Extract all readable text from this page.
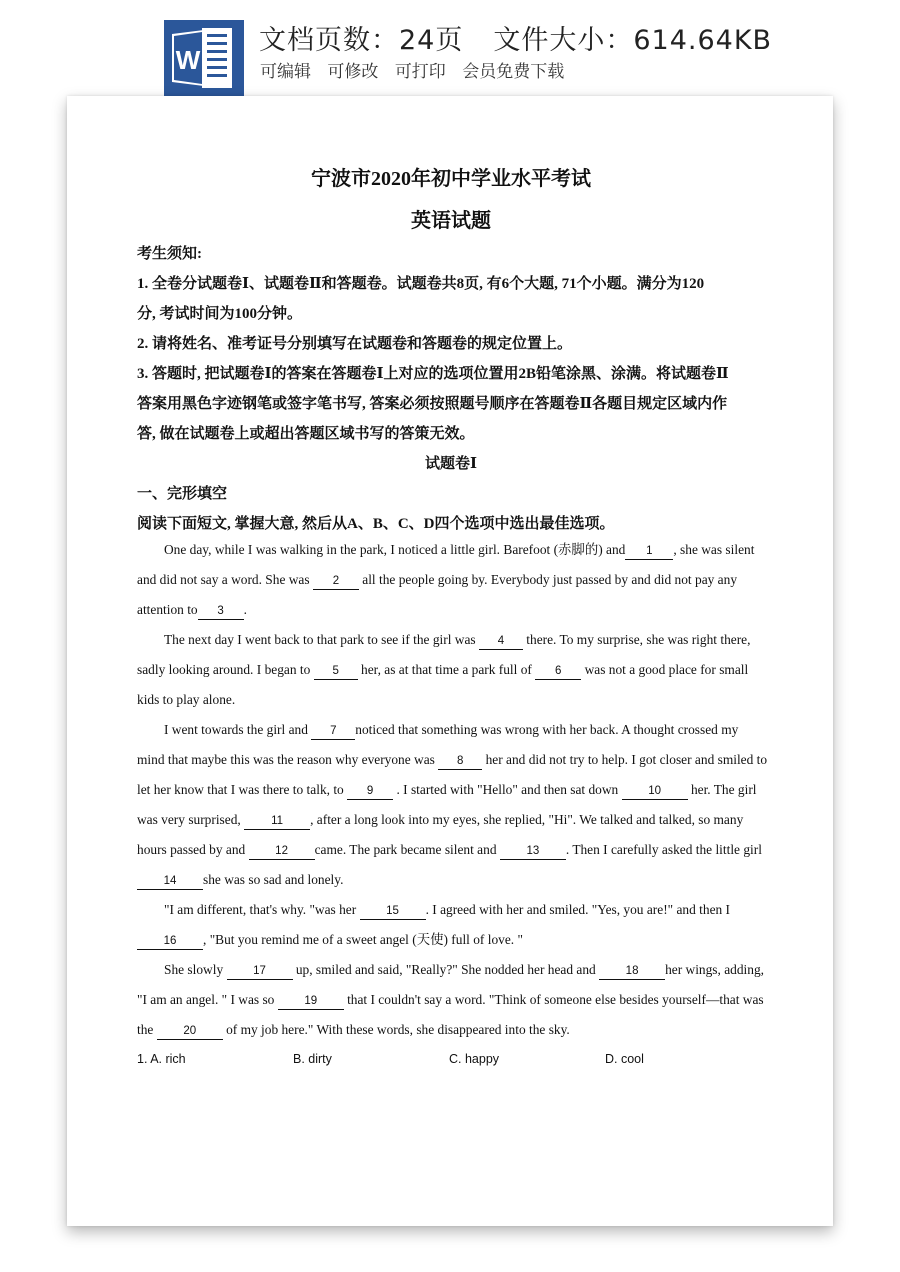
W
文档页数：24页 文件大小：614.64KB
可编辑 可修改 可打印 会员免费下载
宁波市2020年初中学业水平考试
英语试题
考生须知:
1. 全卷分试题卷Ⅰ、试题卷Ⅱ和答题卷。试题卷共8页, 有6个大题, 71个小题。满分为120
分, 考试时间为100分钟。
2. 请将姓名、准考证号分别填写在试题卷和答题卷的规定位置上。
3. 答题时, 把试题卷Ⅰ的答案在答题卷Ⅰ上对应的选项位置用2B铅笔涂黑、涂满。将试题卷Ⅱ
答案用黑色字迹钢笔或签字笔书写, 答案必须按照题号顺序在答题卷Ⅱ各题目规定区域内作
答, 做在试题卷上或超出答题区域书写的答策无效。
试题卷Ⅰ
一、完形填空
阅读下面短文, 掌握大意, 然后从A、B、C、D四个选项中选出最佳选项。

One day, while I was walking in the park, I noticed a little girl. Barefoot (赤脚的) and 1 , she was silent

and did not say a word. She was 2 all the people going by. Everybody just passed by and did not pay any

attention to 3 .

The next day I went back to that park to see if the girl was 4 there. To my surprise, she was right there,

sadly looking around. I began to 5 her, as at that time a park full of 6 was not a good place for small

kids to play alone.

I went towards the girl and 7 noticed that something was wrong with her back. A thought crossed my

mind that maybe this was the reason why everyone was 8 her and did not try to help. I got closer and smiled to

let her know that I was there to talk, to 9 . I started with "Hello" and then sat down 10 her. The girl

was very surprised, 11 , after a long look into my eyes, she replied, "Hi". We talked and talked, so many

hours passed by and 12 came. The park became silent and 13 . Then I carefully asked the little girl

14 she was so sad and lonely.

"I am different, that's why. "was her 15 . I agreed with her and smiled. "Yes, you are!" and then I

16 , "But you remind me of a sweet angel (天使) full of love. "

She slowly 17 up, smiled and said, "Really?" She nodded her head and 18 her wings, adding,

"I am an angel. " I was so 19 that I couldn't say a word. "Think of someone else besides yourself—that was

the 20 of my job here." With these words, she disappeared into the sky.

1. A. rich	B. dirty	C. happy	D. cool
